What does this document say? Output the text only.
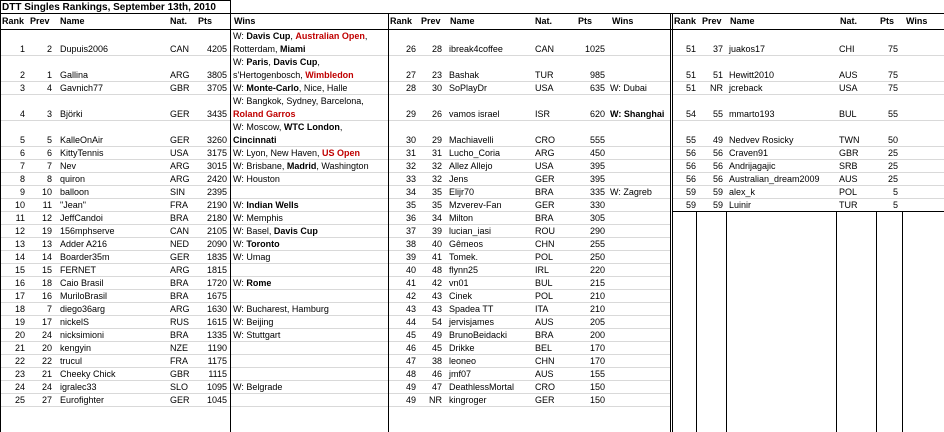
DTT Singles Rankings, September 13th, 2010
Rank Prev	Name	Nat.	Pts	Wins	Rank Prev	Name	Nat.	Pts	Wins	Rank Prev Name	Nat.	Pts	Wins
1	2 Dupuis2006	CAN	4205
W: Davis Cup, Australian Open,
Rotterdam, Miami
2	1 Gallina	ARG	3805
W: Paris, Davis Cup,
s'Hertogenbosch, Wimbledon
3	4 Gavnich77	GBR	3705 W: Monte-Carlo, Nice, Halle
4	3 Björki	GER	3435
W: Bangkok, Sydney, Barcelona,
Roland Garros
5	5 KalleOnAir	GER	3260
W: Moscow, WTC London,
Cincinnati
6	6 KittyTennis	USA	3175 W: Lyon, New Haven, US Open
7	7 Nev	ARG	3015 W: Brisbane, Madrid, Washington
8	8 quiron	ARG	2420 W: Houston
9	10 balloon	SIN	2395
10	11 "Jean"	FRA	2190 W: Indian Wells
11	12 JeffCandoi	BRA	2180 W: Memphis
12	19 156mphserve	CAN	2105 W: Basel, Davis Cup
13	13 Adder A216	NED	2090 W: Toronto
14	14 Boarder35m	GER	1835 W: Umag
15	15 FERNET	ARG	1815
16	18 Caio Brasil	BRA	1720 W: Rome
17	16 MuriloBrasil	BRA	1675
18	7 diego36arg	ARG	1630 W: Bucharest, Hamburg
19	17 nickelS	RUS	1615 W: Beijing
20	24 nicksimioni	BRA	1335 W: Stuttgart
21	20 kengyin	NZE	1190
22	22 trucul	FRA	1175
23	21 Cheeky Chick	GBR	1115
24	24 igralec33	SLO	1095 W: Belgrade
25	27 Eurofighter	GER	1045
26	28 ibreak4coffee	CAN	1025
27	23 Bashak	TUR	985
28	30 SoPlayDr	USA	635 W: Dubai
29	26 vamos israel	ISR	620 W: Shanghai
30	29 Machiavelli	CRO	555
31	31 Lucho_Coria	ARG	450
32	32 Allez Allejo	USA	395
33	32 Jens	GER	395
34	35 Elijr70	BRA	335 W: Zagreb
35	35 Mzverev-Fan	GER	330
36	34 Milton	BRA	305
37	39 lucian_iasi	ROU	290
38	40 Gêmeos	CHN	255
39	41 Tomek.	POL	250
40	48 flynn25	IRL	220
41	42 vn01	BUL	215
42	43 Cinek	POL	210
43	43 Spadea TT	ITA	210
44	54 jervisjames	AUS	205
45	49 BrunoBeidacki	BRA	200
46	45 Drikke	BEL	170
47	38 leoneo	CHN	170
48	46 jmf07	AUS	155
49	47 DeathlessMortal	CRO	150
49	NR kingroger	GER	150
51	37 juakos17	CHI	75
51	51 Hewitt2010	AUS	75
51	NR jcreback	USA	75
54	55 mmarto193	BUL	55
55	49 Nedvev Rosicky	TWN	50
56	56 Craven91	GBR	25
56	56 Andrijagajic	SRB	25
56	56 Australian_dream2009	AUS	25
59	59 alex_k	POL	5
59	59 Luinir	TUR	5
